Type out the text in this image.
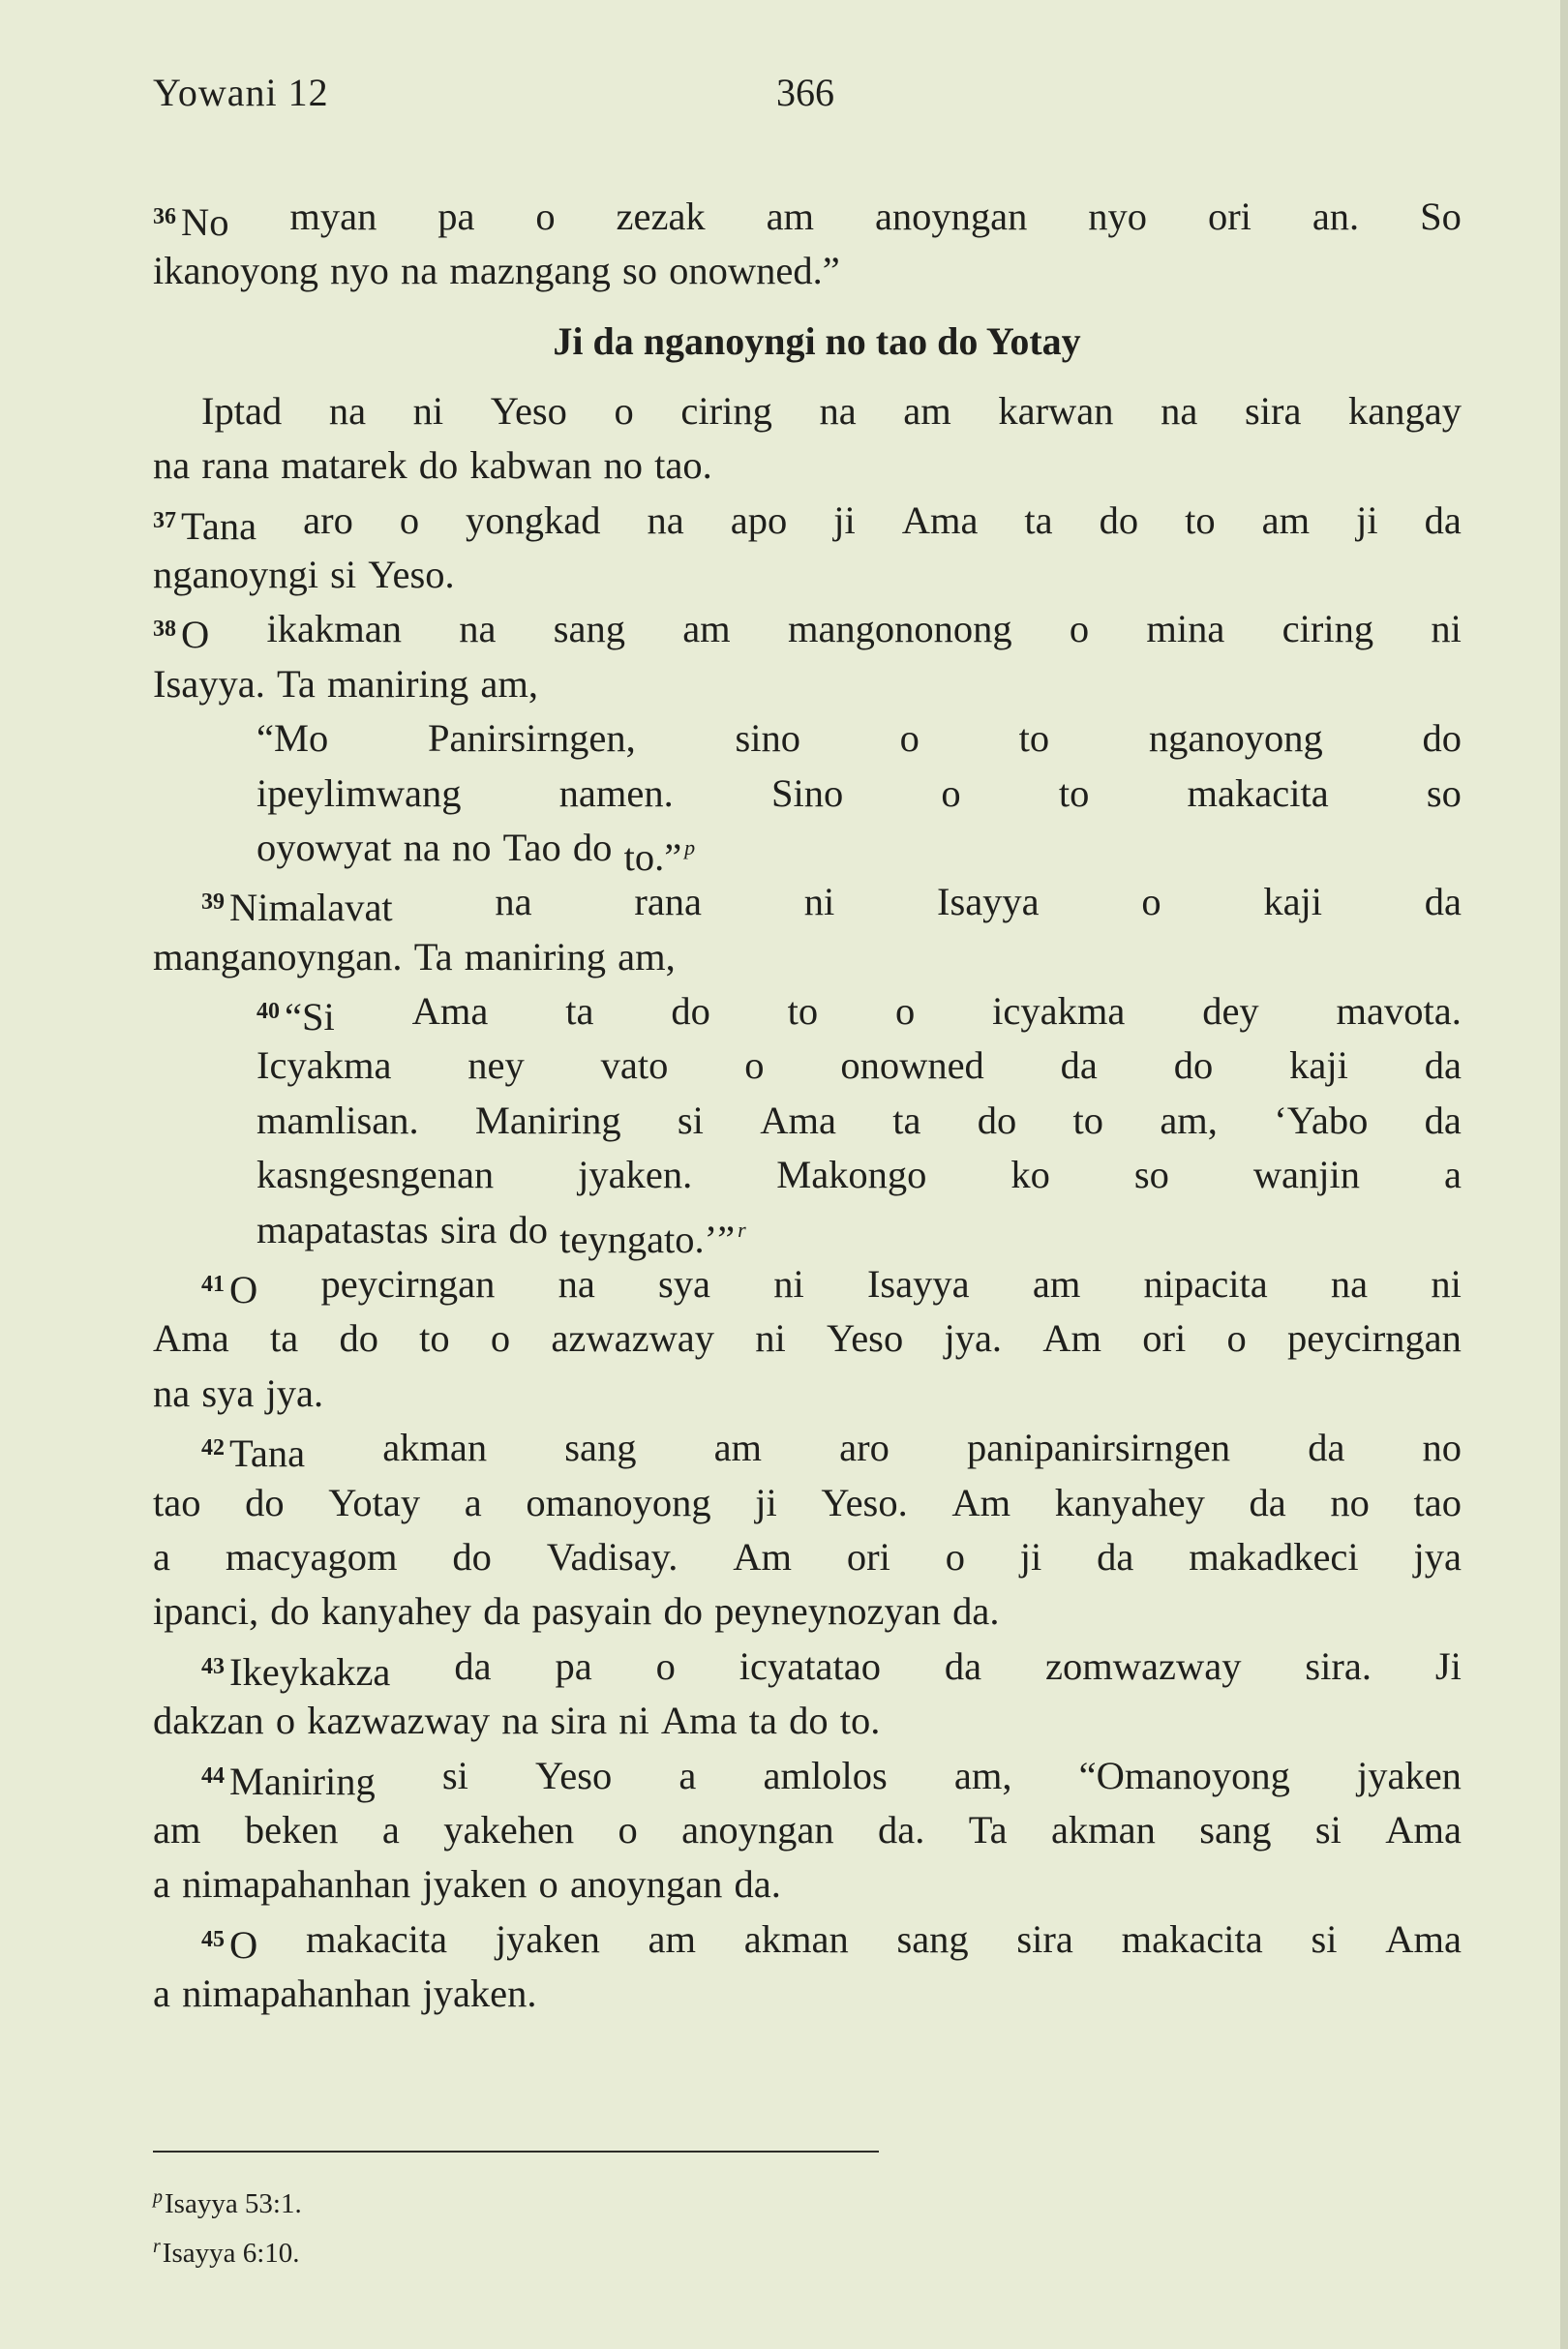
Yowani 12	366
$^{36}$ No myan pa o zezak am anoyngan nyo ori an. So
ikanoyong nyo na mazngang so onowned.”
Ji da nganoyngi no tao do Yotay
Iptad na ni Yeso o ciring na am karwan na sira kangay
na rana matarek do kabwan no tao.
$^{37}$ Tana aro o yongkad na apo ji Ama ta do to am ji da
nganoyngi si Yeso.
$^{38}$ O ikakman na sang am mangononong o mina ciring ni
Isayya. Ta maniring am,
“Mo	Panirsirngen,	sino	o	to	nganoyong	do
ipeylimwang namen. Sino o to makacita so
oyowyat na no Tao do to.” $^p$
$^{39}$ Nimalavat	na	rana	ni	Isayya	o	kaji	da
manganoyngan. Ta maniring am,
$^{40}$ “Si Ama ta do to o icyakma dey mavota.
Icyakma ney vato o onowned da do kaji da
mamlisan. Maniring si Ama ta do to am, ‘Yabo da
kasngesngenan jyaken. Makongo ko so wanjin a
mapatastas sira do teyngato.’” $^r$
$^{41}$ O peycirngan na sya ni Isayya am nipacita na ni
Ama ta do to o azwazway ni Yeso jya. Am ori o peycirngan
na sya jya.
$^{42}$ Tana akman sang am aro panipanirsirngen da no
tao do Yotay a omanoyong ji Yeso. Am kanyahey da no tao
a macyagom do Vadisay. Am ori o ji da makadkeci jya
ipanci, do kanyahey da pasyain do peyneynozyan da.
$^{43}$ Ikeykakza da pa o icyatatao da zomwazway sira. Ji
dakzan o kazwazway na sira ni Ama ta do to.
$^{44}$ Maniring si Yeso a amlolos am, “Omanoyong jyaken
am beken a yakehen o anoyngan da. Ta akman sang si Ama
a nimapahanhan jyaken o anoyngan da.
$^{45}$ O makacita jyaken am akman sang sira makacita si Ama
a nimapahanhan jyaken.
$^p$Isayya 53:1.
$^r$Isayya 6:10.
